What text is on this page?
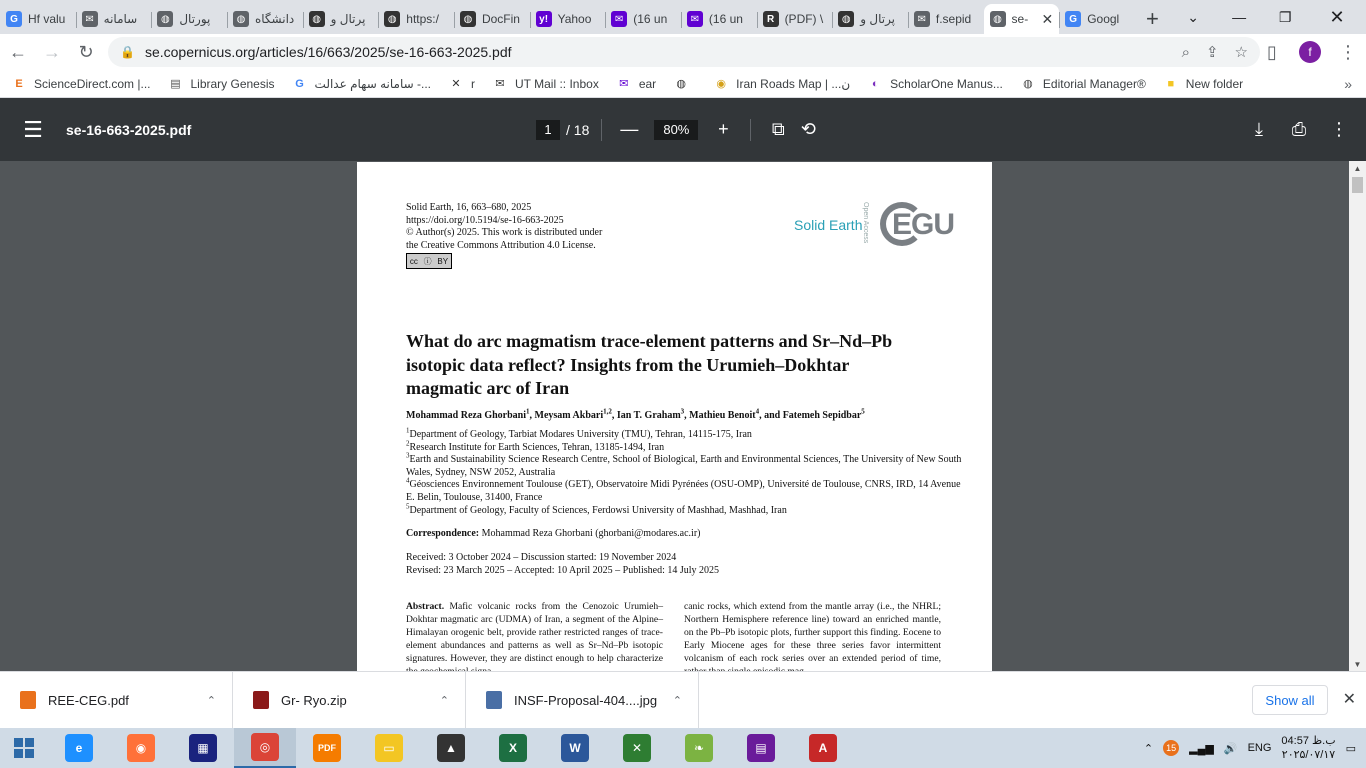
G Hf valu	✉ سامانه	◍ پورتال	◍ دانشگاه	◍ پرتال و	◍ https:/	◍ DocFin	y! Yahoo	✉ (16 un	✉ (16 un	R (PDF) \	◍ پرتال و	✉ f.sepid	◍ se- ✕	G Googl	+	⌄	—	❐	✕
← → ↻	🔒 se.copernicus.org/articles/16/663/2025/se-16-663-2025.pdf	⌕ ⇪ ☆	▯	f	⋮
E ScienceDirect.com |... ▤ Library Genesis G سامانه سهام عدالت -... ✕ r ✉ UT Mail :: Inbox ✉ ear ◍	◉ Iran Roads Map | ...ن	◐ ScholarOne Manus... ◍ Editorial Manager®	■ New folder	»
☰	se-16-663-2025.pdf	1	/ 18	—	80%	+	⧉ ⟲	⤓	⎙	⋮
Solid Earth, 16, 663–680, 2025
https://doi.org/10.5194/se-16-663-2025
© Author(s) 2025. This work is distributed under
the Creative Commons Attribution 4.0 License.
cc ⓘ BY
Solid Earth Open Access EGU
What do arc magmatism trace-element patterns and Sr–Nd–Pb isotopic data reflect? Insights from the Urumieh–Dokhtar magmatic arc of Iran
Mohammad Reza Ghorbani$^1$, Meysam Akbari$^{1,2}$, Ian T. Graham$^3$, Mathieu Benoit$^4$, and Fatemeh Sepidbar$^5$
$^1$Department of Geology, Tarbiat Modares University (TMU), Tehran, 14115-175, Iran
$^2$Research Institute for Earth Sciences, Tehran, 13185-1494, Iran
$^3$Earth and Sustainability Science Research Centre, School of Biological, Earth and Environmental Sciences, The University of New South Wales, Sydney, NSW 2052, Australia
$^4$Géosciences Environnement Toulouse (GET), Observatoire Midi Pyrénées (OSU-OMP), Université de Toulouse, CNRS, IRD, 14 Avenue E. Belin, Toulouse, 31400, France
$^5$Department of Geology, Faculty of Sciences, Ferdowsi University of Mashhad, Mashhad, Iran
Correspondence: Mohammad Reza Ghorbani (ghorbani@modares.ac.ir)
Received: 3 October 2024 – Discussion started: 19 November 2024
Revised: 23 March 2025 – Accepted: 10 April 2025 – Published: 14 July 2025
Abstract. Mafic volcanic rocks from the Cenozoic Urumieh–Dokhtar magmatic arc (UDMA) of Iran, a segment of the Alpine–Himalayan orogenic belt, provide rather restricted ranges of trace-element abundances and patterns as well as Sr–Nd–Pb isotopic signatures. However, they are distinct enough to help characterize
canic rocks, which extend from the mantle array (i.e., the NHRL; Northern Hemisphere reference line) toward an enriched mantle, on the Pb–Pb isotopic plots, further support this finding. Eocene to Early Miocene ages for these three series favor intermittent volcanism of each rock series over an extended period of time,
▲
▼
REE-CEG.pdf	⌃	Gr- Ryo.zip	⌃	INSF-Proposal-404....jpg ⌃	Show all	✕
e	◉	▦	◎	PDF	▭	▲	X	W	✕	❧	▤	A	⌃	15 ▂▄▆ 🔊 ENG
04:57 ب.ظ
۲۰۲۵/۰۷/۱۷
▭
